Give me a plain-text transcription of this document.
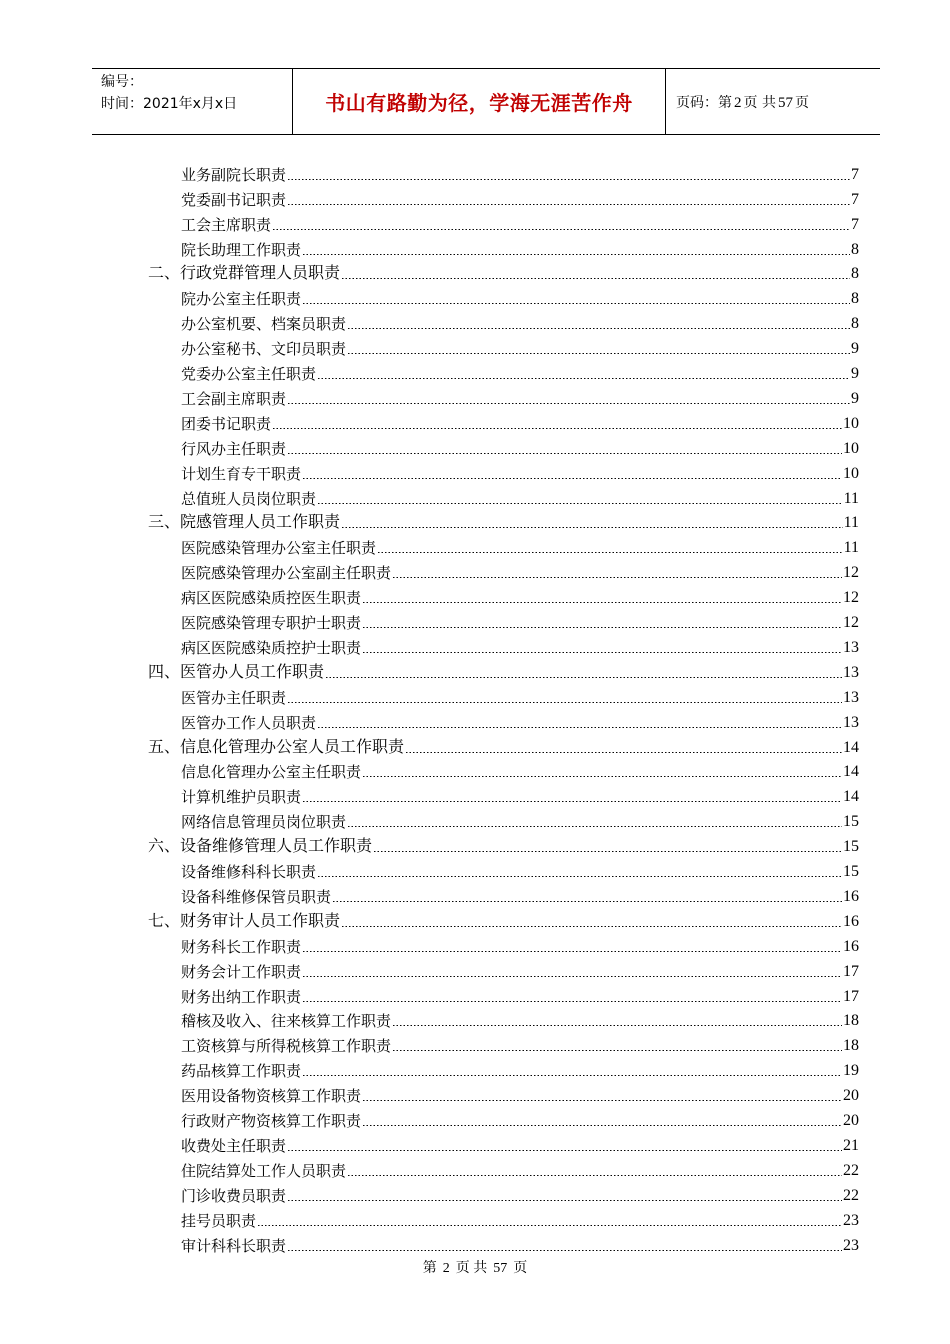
编号：
时间：2021年x月x日	书山有路勤为径，学海无涯苦作舟	页码：第 2 页 共 57 页
业务副院长职责	7
党委副书记职责	7
工会主席职责	7
院长助理工作职责	8
二、行政党群管理人员职责	8
院办公室主任职责	8
办公室机要、档案员职责	8
办公室秘书、文印员职责	9
党委办公室主任职责	9
工会副主席职责	9
团委书记职责	10
行风办主任职责	10
计划生育专干职责	10
总值班人员岗位职责	11
三、院感管理人员工作职责	11
医院感染管理办公室主任职责	11
医院感染管理办公室副主任职责	12
病区医院感染质控医生职责	12
医院感染管理专职护士职责	12
病区医院感染质控护士职责	13
四、医管办人员工作职责	13
医管办主任职责	13
医管办工作人员职责	13
五、信息化管理办公室人员工作职责	14
信息化管理办公室主任职责	14
计算机维护员职责	14
网络信息管理员岗位职责	15
六、设备维修管理人员工作职责	15
设备维修科科长职责	15
设备科维修保管员职责	16
七、财务审计人员工作职责	16
财务科长工作职责	16
财务会计工作职责	17
财务出纳工作职责	17
稽核及收入、往来核算工作职责	18
工资核算与所得税核算工作职责	18
药品核算工作职责	19
医用设备物资核算工作职责	20
行政财产物资核算工作职责	20
收费处主任职责	21
住院结算处工作人员职责	22
门诊收费员职责	22
挂号员职责	23
审计科科长职责	23
第 2 页 共 57 页
